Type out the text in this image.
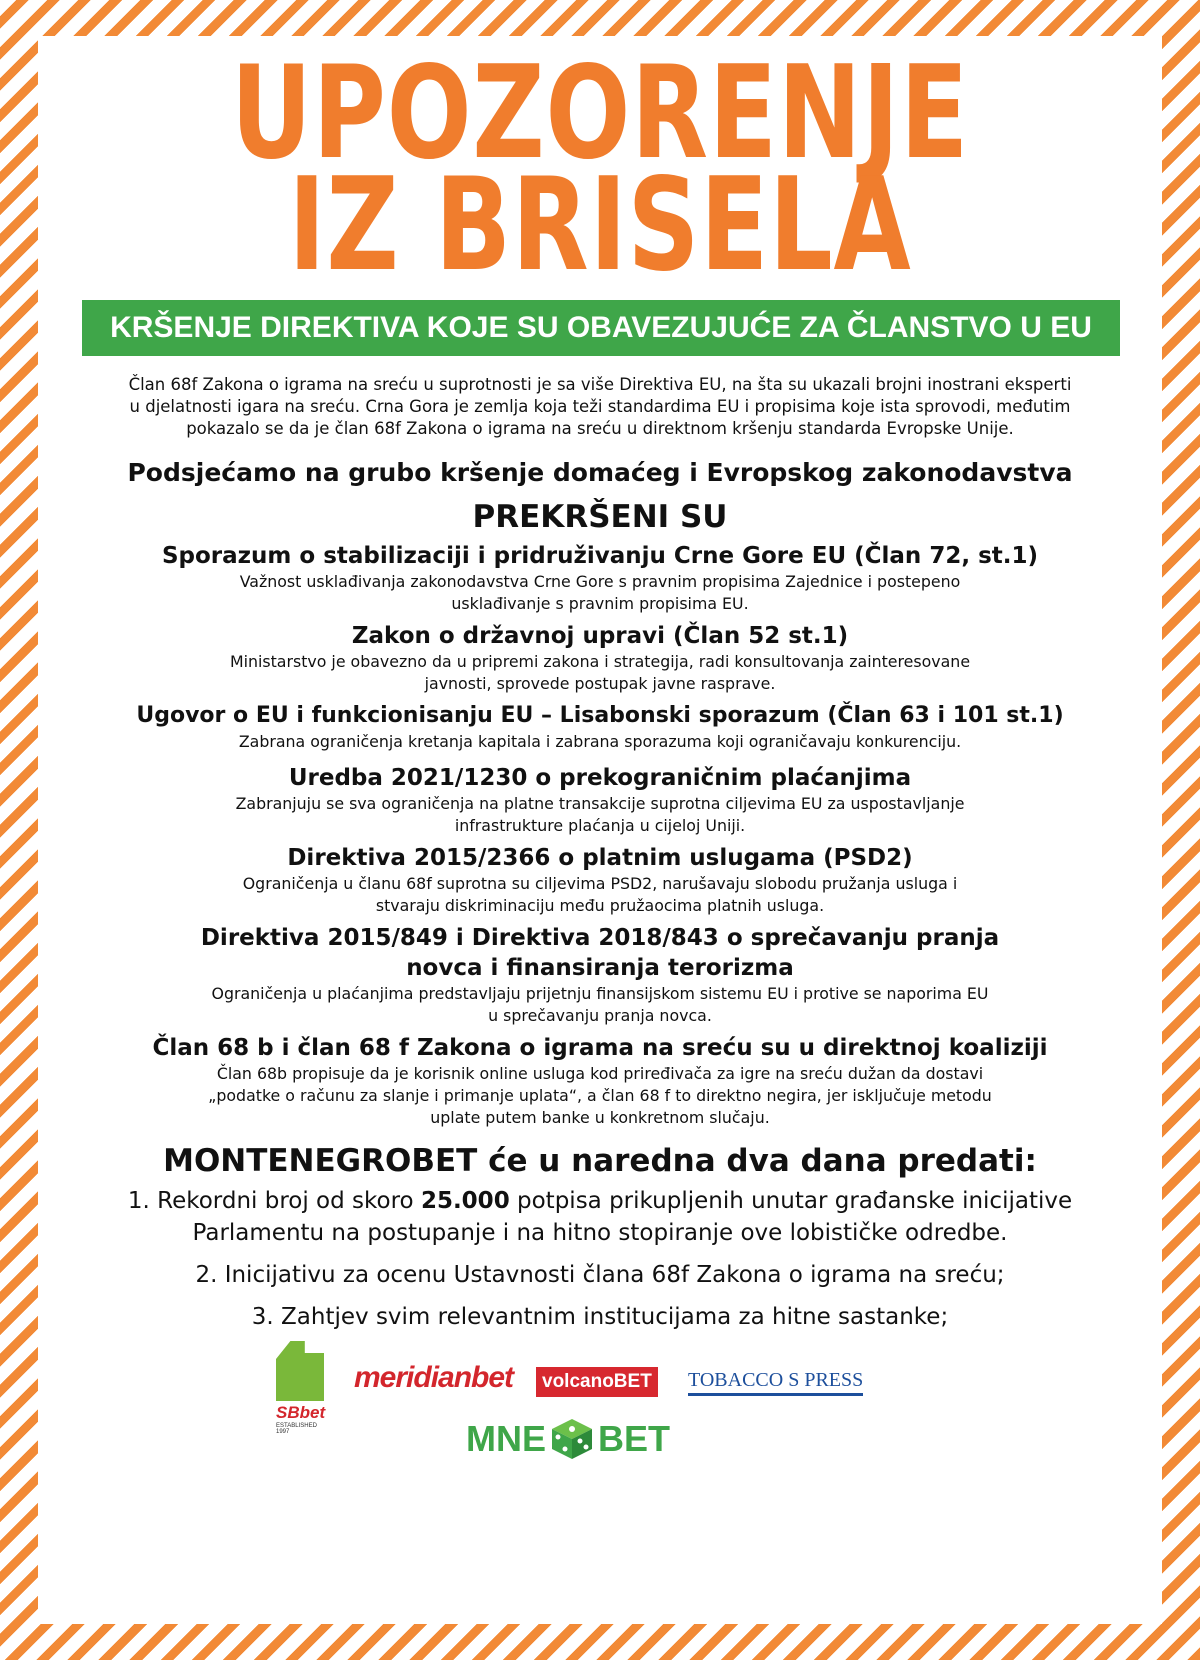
UPOZORENJE
IZ BRISELA
KRŠENJE DIREKTIVA KOJE SU OBAVEZUJUĆE ZA ČLANSTVO U EU
Član 68f Zakona o igrama na sreću u suprotnosti je sa više Direktiva EU, na šta su ukazali brojni inostrani eksperti u djelatnosti igara na sreću. Crna Gora je zemlja koja teži standardima EU i propisima koje ista sprovodi, međutim pokazalo se da je član 68f Zakona o igrama na sreću u direktnom kršenju standarda Evropske Unije.
Podsjećamo na grubo kršenje domaćeg i Evropskog zakonodavstva
PREKRŠENI SU
Sporazum o stabilizaciji i pridruživanju Crne Gore EU (Član 72, st.1)
Važnost usklađivanja zakonodavstva Crne Gore s pravnim propisima Zajednice i postepeno usklađivanje s pravnim propisima EU.
Zakon o državnoj upravi (Član 52 st.1)
Ministarstvo je obavezno da u pripremi zakona i strategija, radi konsultovanja zainteresovane javnosti, sprovede postupak javne rasprave.
Ugovor o EU i funkcionisanju EU – Lisabonski sporazum (Član 63 i 101 st.1)
Zabrana ograničenja kretanja kapitala i zabrana sporazuma koji ograničavaju konkurenciju.
Uredba 2021/1230 o prekograničnim plaćanjima
Zabranjuju se sva ograničenja na platne transakcije suprotna ciljevima EU za uspostavljanje infrastrukture plaćanja u cijeloj Uniji.
Direktiva 2015/2366 o platnim uslugama (PSD2)
Ograničenja u članu 68f suprotna su ciljevima PSD2, narušavaju slobodu pružanja usluga i stvaraju diskriminaciju među pružaocima platnih usluga.
Direktiva 2015/849 i Direktiva 2018/843 o sprečavanju pranja novca i finansiranja terorizma
Ograničenja u plaćanjima predstavljaju prijetnju finansijskom sistemu EU i protive se naporima EU u sprečavanju pranja novca.
Član 68 b i član 68 f Zakona o igrama na sreću su u direktnoj koaliziji
Član 68b propisuje da je korisnik online usluga kod priređivača za igre na sreću dužan da dostavi „podatke o računu za slanje i primanje uplata“, a član 68 f to direktno negira, jer isključuje metodu uplate putem banke u konkretnom slučaju.
MONTENEGROBET će u naredna dva dana predati:
1. Rekordni broj od skoro 25.000 potpisa prikupljenih unutar građanske inicijative Parlamentu na postupanje i na hitno stopiranje ove lobističke odredbe.
2. Inicijativu za ocenu Ustavnosti člana 68f Zakona o igrama na sreću;
3. Zahtjev svim relevantnim institucijama za hitne sastanke;
SBbet
ESTABLISHED 1997
meridianbet	volcanoBET	TOBACCO S PRESS
MNE BET
